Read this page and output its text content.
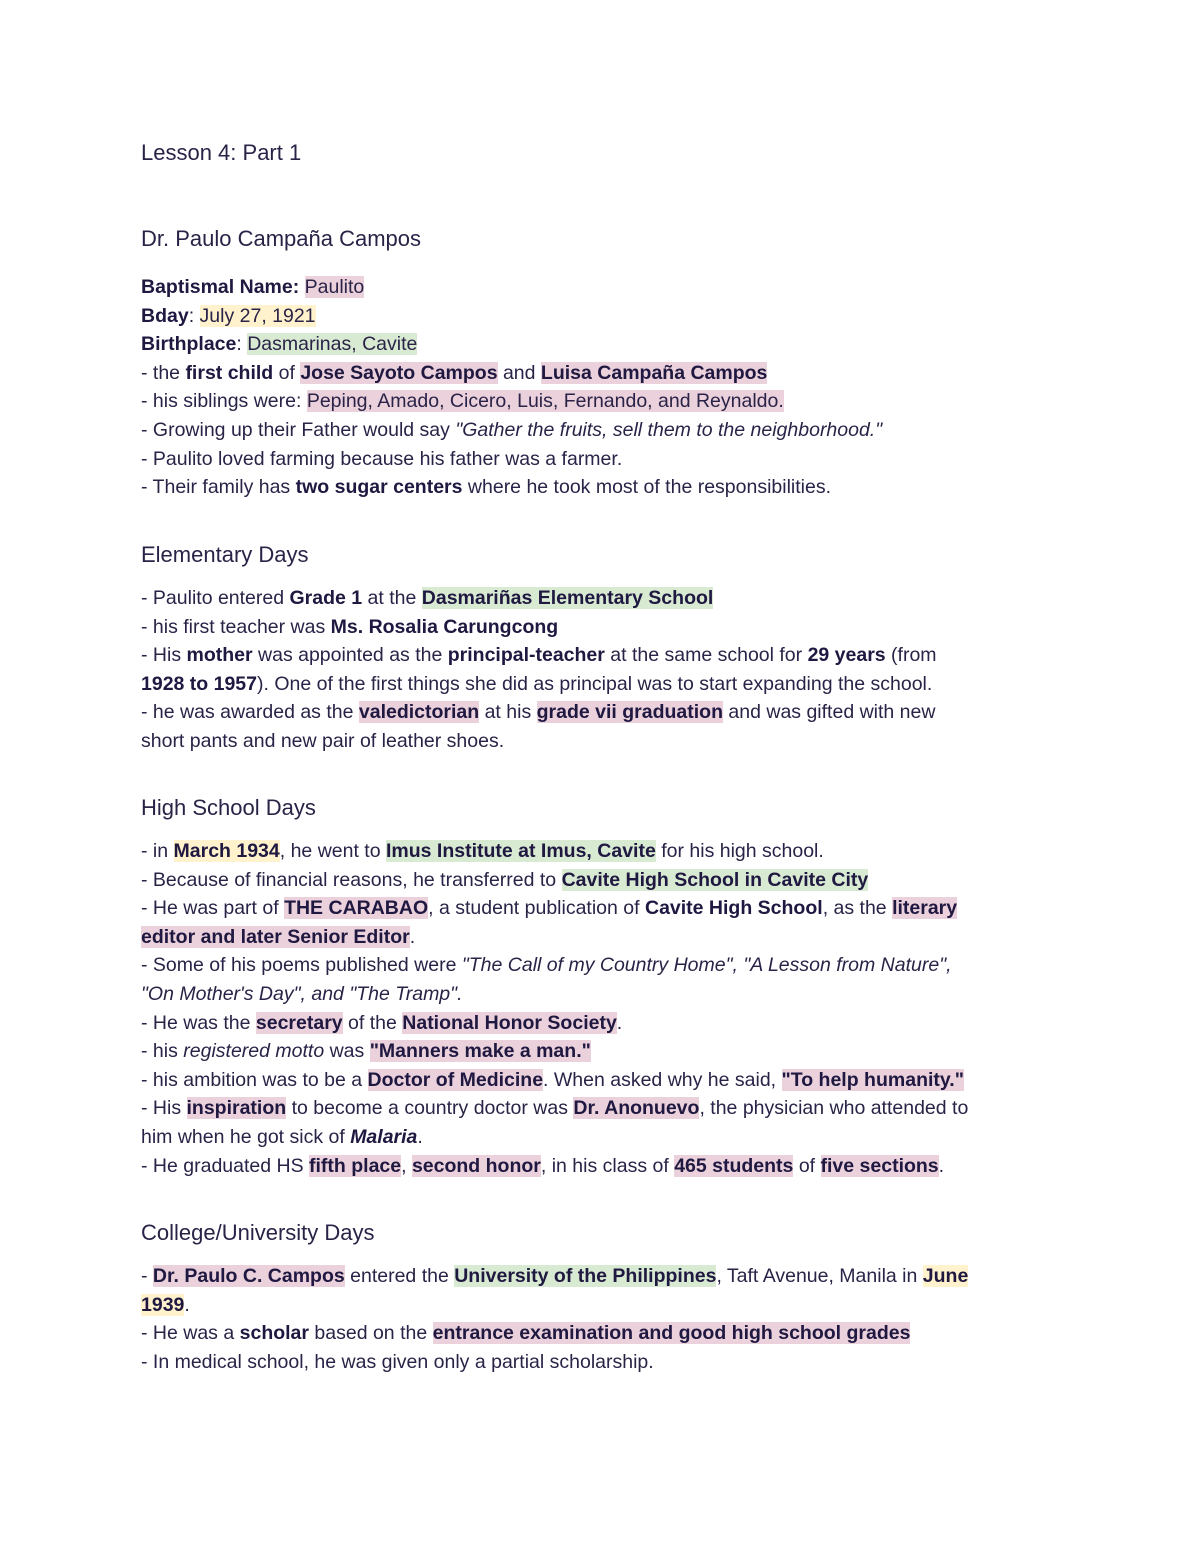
Lesson 4: Part 1
Dr. Paulo Campaña Campos
Baptismal Name: Paulito
Bday: July 27, 1921
Birthplace: Dasmarinas, Cavite
- the first child of Jose Sayoto Campos and Luisa Campaña Campos
- his siblings were: Peping, Amado, Cicero, Luis, Fernando, and Reynaldo.
- Growing up their Father would say "Gather the fruits, sell them to the neighborhood."
- Paulito loved farming because his father was a farmer.
- Their family has two sugar centers where he took most of the responsibilities.
Elementary Days
- Paulito entered Grade 1 at the Dasmariñas Elementary School
- his first teacher was Ms. Rosalia Carungcong
- His mother was appointed as the principal-teacher at the same school for 29 years (from
1928 to 1957). One of the first things she did as principal was to start expanding the school.
- he was awarded as the valedictorian at his grade vii graduation and was gifted with new
short pants and new pair of leather shoes.
High School Days
- in March 1934, he went to Imus Institute at Imus, Cavite for his high school.
- Because of financial reasons, he transferred to Cavite High School in Cavite City
- He was part of THE CARABAO, a student publication of Cavite High School, as the literary
editor and later Senior Editor.
- Some of his poems published were "The Call of my Country Home", "A Lesson from Nature",
"On Mother's Day", and "The Tramp".
- He was the secretary of the National Honor Society.
- his registered motto was "Manners make a man."
- his ambition was to be a Doctor of Medicine. When asked why he said, "To help humanity."
- His inspiration to become a country doctor was Dr. Anonuevo, the physician who attended to
him when he got sick of Malaria.
- He graduated HS fifth place, second honor, in his class of 465 students of five sections.
College/University Days
- Dr. Paulo C. Campos entered the University of the Philippines, Taft Avenue, Manila in June
1939.
- He was a scholar based on the entrance examination and good high school grades
- In medical school, he was given only a partial scholarship.
